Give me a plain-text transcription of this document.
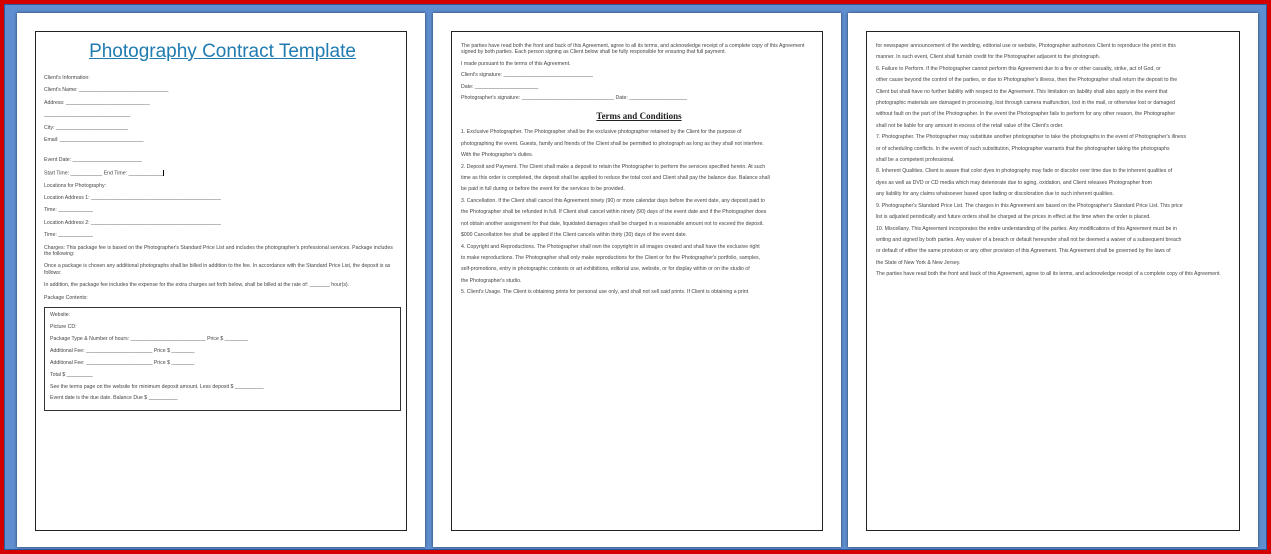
Photography Contract Template

Client's Information:

Client's Name: _______________________________

Address: _____________________________

______________________________

City: _________________________

Email: _____________________________

Event Date: ________________________

Start Time: ___________ End Time: ____________

Locations for Photography:

Location Address 1: _____________________________________________

Time: ____________

Location Address 2: _____________________________________________

Time: ____________

Charges: This package fee is based on the Photographer's Standard Price List and includes the photographer's professional services. Package includes the following:

Once a package is chosen any additional photographs shall be billed in addition to the fee. In accordance with the Standard Price List, the deposit is as follows:

In addition, the package fee includes the expense for the extra charges set forth below, shall be billed at the rate of: _______ hour(s).

Package Contents:

Website:

Picture CD:

Package Type & Number of hours: __________________________ Price $ ________

Additional Fee: _______________________ Price $ ________

Additional Fee: _______________________ Price $ ________

Total $ _________

See the terms page on the website for minimum deposit amount. Less deposit $ __________

Event date is the due date. Balance Due $ __________

The parties have read both the front and back of this Agreement, agree to all its terms, and acknowledge receipt of a complete copy of this Agreement signed by both parties. Each person signing as Client below shall be fully responsible for ensuring that full payment.

I made pursuant to the terms of this Agreement.

Client's signature: _______________________________

Date: ______________________

Photographer's signature: ________________________________ Date: ____________________

Terms and Conditions

1. Exclusive Photographer. The Photographer shall be the exclusive photographer retained by the Client for the purpose of

photographing the event. Guests, family and friends of the Client shall be permitted to photograph as long as they shall not interfere.

With the Photographer's duties.

2. Deposit and Payment. The Client shall make a deposit to retain the Photographer to perform the services specified herein. At such

time as this order is completed, the deposit shall be applied to reduce the total cost and Client shall pay the balance due. Balance shall

be paid in full during or before the event for the services to be provided.

3. Cancellation. If the Client shall cancel this Agreement ninety (90) or more calendar days before the event date, any deposit paid to

the Photographer shall be refunded in full. If Client shall cancel within ninety (90) days of the event date and if the Photographer does

not obtain another assignment for that date, liquidated damages shall be charged in a reasonable amount not to exceed the deposit.

$000 Cancellation fee shall be applied if the Client cancels within thirty (30) days of the event date.

4. Copyright and Reproductions. The Photographer shall own the copyright in all images created and shall have the exclusive right

to make reproductions. The Photographer shall only make reproductions for the Client or for the Photographer's portfolio, samples,

self-promotions, entry in photographic contests or art exhibitions, editorial use, website, or for display within or on the studio of

the Photographer's studio.

5. Client's Usage. The Client is obtaining prints for personal use only, and shall not sell said prints. If Client is obtaining a print

for newspaper announcement of the wedding, editorial use or website, Photographer authorizes Client to reproduce the print in this

manner. In such event, Client shall furnish credit for the Photographer adjacent to the photograph.

6. Failure to Perform. If the Photographer cannot perform this Agreement due to a fire or other casualty, strike, act of God, or

other cause beyond the control of the parties, or due to Photographer's illness, then the Photographer shall return the deposit to the

Client but shall have no further liability with respect to the Agreement. This limitation on liability shall also apply in the event that

photographic materials are damaged in processing, lost through camera malfunction, lost in the mail, or otherwise lost or damaged

without fault on the part of the Photographer. In the event the Photographer fails to perform for any other reason, the Photographer

shall not be liable for any amount in excess of the retail value of the Client's order.

7. Photographer. The Photographer may substitute another photographer to take the photographs in the event of Photographer's illness

or of scheduling conflicts. In the event of such substitution, Photographer warrants that the photographer taking the photographs

shall be a competent professional.

8. Inherent Qualities. Client is aware that color dyes in photography may fade or discolor over time due to the inherent qualities of

dyes as well as DVD or CD media which may deteriorate due to aging, oxidation, and Client releases Photographer from

any liability for any claims whatsoever based upon fading or discoloration due to such inherent qualities.

9. Photographer's Standard Price List. The charges in this Agreement are based on the Photographer's Standard Price List. This price

list is adjusted periodically and future orders shall be charged at the prices in effect at the time when the order is placed.

10. Miscellany. This Agreement incorporates the entire understanding of the parties. Any modifications of this Agreement must be in

writing and signed by both parties. Any waiver of a breach or default hereunder shall not be deemed a waiver of a subsequent breach

or default of either the same provision or any other provision of this Agreement. This Agreement shall be governed by the laws of

the State of New York & New Jersey.

The parties have read both the front and back of this Agreement, agree to all its terms, and acknowledge receipt of a complete copy of this Agreement.
